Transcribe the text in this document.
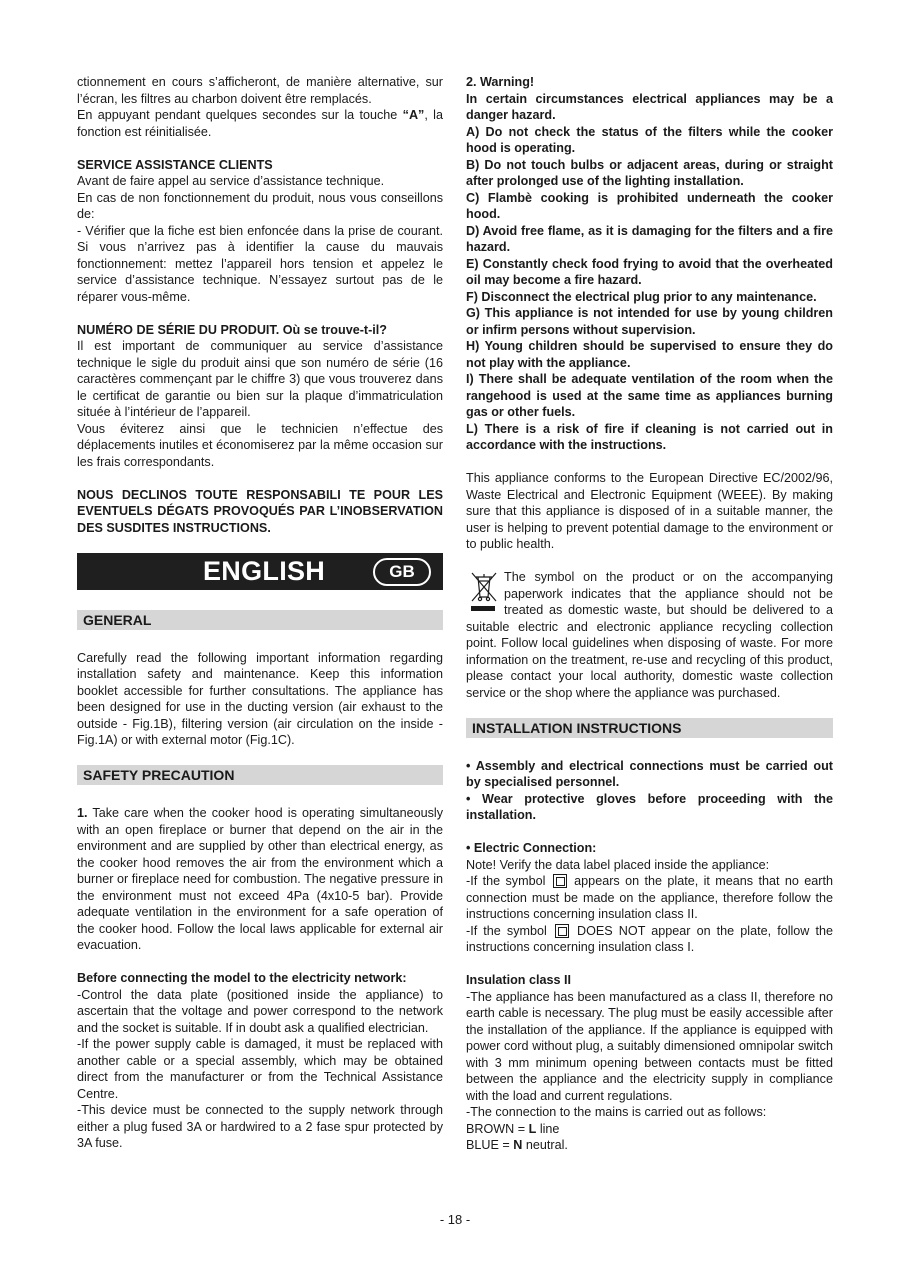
ctionnement en cours s’afficheront, de manière alternative, sur l’écran, les filtres au charbon doivent être remplacés.

En appuyant pendant quelques secondes sur la touche “A”, la fonction est réinitialisée.

SERVICE ASSISTANCE CLIENTS

Avant de faire appel au service d’assistance technique.

En cas de non fonctionnement du produit, nous vous conseillons de:

- Vérifier que la fiche est bien enfoncée dans la prise de courant. Si vous n’arrivez pas à identifier la cause du mauvais fonctionnement: mettez l’appareil hors tension et appelez le service d’assistance technique. N’essayez surtout pas de le réparer vous-même.

NUMÉRO DE SÉRIE DU PRODUIT. Où se trouve-t-il?

Il est important de communiquer au service d’assistance technique le sigle du produit ainsi que son numéro de série (16 caractères commençant par le chiffre 3) que vous trouverez dans le certificat de garantie ou bien sur la plaque d’immatriculation située à l’intérieur de l’appareil.

Vous éviterez ainsi que le technicien n’effectue des déplacements inutiles et économiserez par la même occasion sur les frais correspondants.

NOUS DECLINOS TOUTE RESPONSABILI TE POUR LES EVENTUELS DÉGATS PROVOQUÉS PAR L’INOBSERVATION DES SUSDITES INSTRUCTIONS.

ENGLISH	GB
GENERAL

Carefully read the following important information regarding installation safety and maintenance. Keep this information booklet accessible for further consultations. The appliance has been designed for use in the ducting version (air exhaust to the outside - Fig.1B), filtering version (air circulation on the inside - Fig.1A) or with external motor (Fig.1C).

SAFETY PRECAUTION

1. Take care when the cooker hood is operating simultaneously with an open fireplace or burner that depend on the air in the environment and are supplied by other than electrical energy, as the cooker hood removes the air from the environment which a burner or fireplace need for combustion. The negative pressure in the environment must not exceed 4Pa (4x10-5 bar). Provide adequate ventilation in the environment for a safe operation of the cooker hood. Follow the local laws applicable for external air evacuation.

Before connecting the model to the electricity network:

-Control the data plate (positioned inside the appliance) to ascertain that the voltage and power correspond to the network and the socket is suitable. If in doubt ask a qualified electrician.

-If the power supply cable is damaged, it must be replaced with another cable or a special assembly, which may be obtained direct from the manufacturer or from the Technical Assistance Centre.

-This device must be connected to the supply network through either a plug fused 3A or hardwired to a 2 fase spur protected by 3A fuse.

2. Warning!

In certain circumstances electrical appliances may be a danger hazard.

A) Do not check the status of the filters while the cooker hood is operating.

B) Do not touch bulbs or adjacent areas, during or straight after prolonged use of the lighting installation.

C) Flambè cooking is prohibited underneath the cooker hood.

D) Avoid free flame, as it is damaging for the filters and a fire hazard.

E) Constantly check food frying to avoid that the overheated oil may become a fire hazard.

F) Disconnect the electrical plug prior to any maintenance.

G) This appliance is not intended for use by young children or infirm persons without supervision.

H) Young children should be supervised to ensure they do not play with the appliance.

I) There shall be adequate ventilation of the room when the rangehood is used at the same time as appliances burning gas or other fuels.

L) There is a risk of fire if cleaning is not carried out in accordance with the instructions.

This appliance conforms to the European Directive EC/2002/96, Waste Electrical and Electronic Equipment (WEEE). By making sure that this appliance is disposed of in a suitable manner, the user is helping to prevent potential damage to the environment or to public health.

The symbol on the product or on the accompanying paperwork indicates that the appliance should not be treated as domestic waste, but should be delivered to a suitable electric and electronic appliance recycling collection point. Follow local guidelines when disposing of waste. For more information on the treatment, re-use and recycling of this product, please contact your local authority, domestic waste collection service or the shop where the appliance was purchased.

INSTALLATION INSTRUCTIONS

• Assembly and electrical connections must be carried out by specialised personnel.

• Wear protective gloves before proceeding with the installation.

• Electric Connection:

Note! Verify the data label placed inside the appliance:

-If the symbol  appears on the plate, it means that no earth connection must be made on the appliance, therefore follow the instructions concerning insulation class II.

-If the symbol  DOES NOT appear on the plate, follow the instructions concerning insulation class I.

Insulation class II

-The appliance has been manufactured as a class II, therefore no earth cable is necessary. The plug must be easily accessible after the installation of the appliance. If the appliance is equipped with power cord without plug, a suitably dimensioned omnipolar switch with 3 mm minimum opening between contacts must be fitted between the appliance and the electricity supply in compliance with the load and current regulations.

-The connection to the mains is carried out as follows:

BROWN = L line

BLUE = N neutral.

- 18 -
